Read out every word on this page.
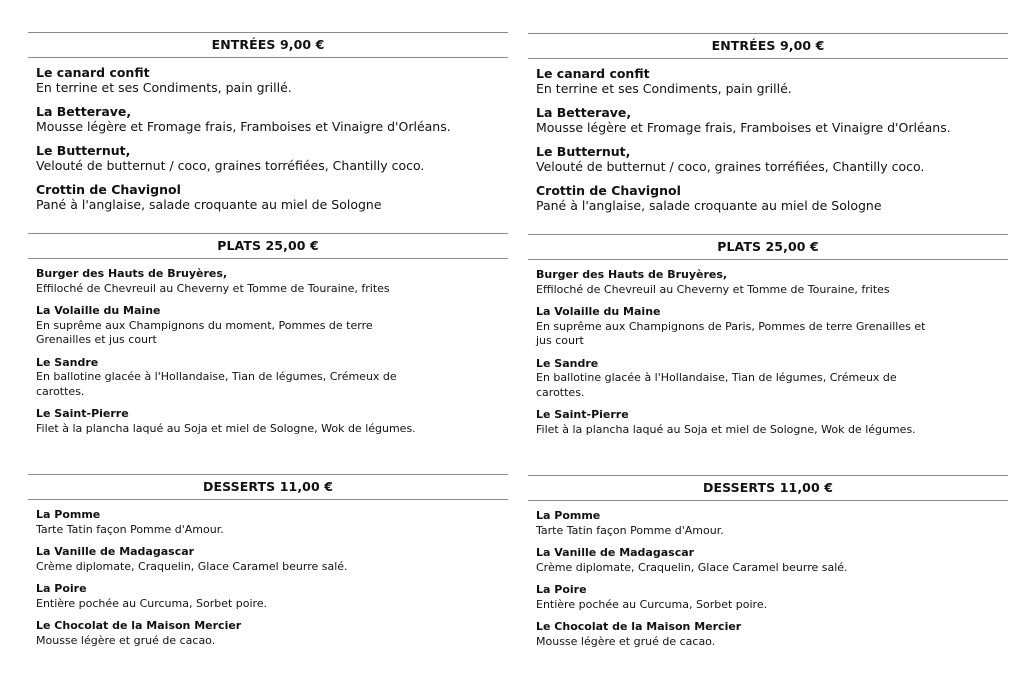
ENTRÉES 9,00 €
Le canard confit
En terrine et ses Condiments, pain grillé.
La Betterave,
Mousse légère et Fromage frais, Framboises et Vinaigre d'Orléans.
Le Butternut,
Velouté de butternut / coco, graines torréfiées, Chantilly coco.
Crottin de Chavignol
Pané à l'anglaise, salade croquante au miel de Sologne
PLATS 25,00 €
Burger des Hauts de Bruyères,
Effiloché de Chevreuil au Cheverny et Tomme de Touraine, frites
La Volaille du Maine
En suprême aux Champignons du moment, Pommes de terre Grenailles et jus court
Le Sandre
En ballotine glacée à l'Hollandaise, Tian de légumes, Crémeux de carottes.
Le Saint-Pierre
Filet à la plancha laqué au Soja et miel de Sologne, Wok de légumes.
DESSERTS 11,00 €
La Pomme
Tarte Tatin façon Pomme d'Amour.
La Vanille de Madagascar
Crème diplomate, Craquelin, Glace Caramel beurre salé.
La Poire
Entière pochée au Curcuma, Sorbet poire.
Le Chocolat de la Maison Mercier
Mousse légère et grué de cacao.
ENTRÉES 9,00 €
Le canard confit
En terrine et ses Condiments, pain grillé.
La Betterave,
Mousse légère et Fromage frais, Framboises et Vinaigre d'Orléans.
Le Butternut,
Velouté de butternut / coco, graines torréfiées, Chantilly coco.
Crottin de Chavignol
Pané à l'anglaise, salade croquante au miel de Sologne
PLATS 25,00 €
Burger des Hauts de Bruyères,
Effiloché de Chevreuil au Cheverny et Tomme de Touraine, frites
La Volaille du Maine
En suprême aux Champignons de Paris, Pommes de terre Grenailles et jus court
Le Sandre
En ballotine glacée à l'Hollandaise, Tian de légumes, Crémeux de carottes.
Le Saint-Pierre
Filet à la plancha laqué au Soja et miel de Sologne, Wok de légumes.
DESSERTS 11,00 €
La Pomme
Tarte Tatin façon Pomme d'Amour.
La Vanille de Madagascar
Crème diplomate, Craquelin, Glace Caramel beurre salé.
La Poire
Entière pochée au Curcuma, Sorbet poire.
Le Chocolat de la Maison Mercier
Mousse légère et grué de cacao.
